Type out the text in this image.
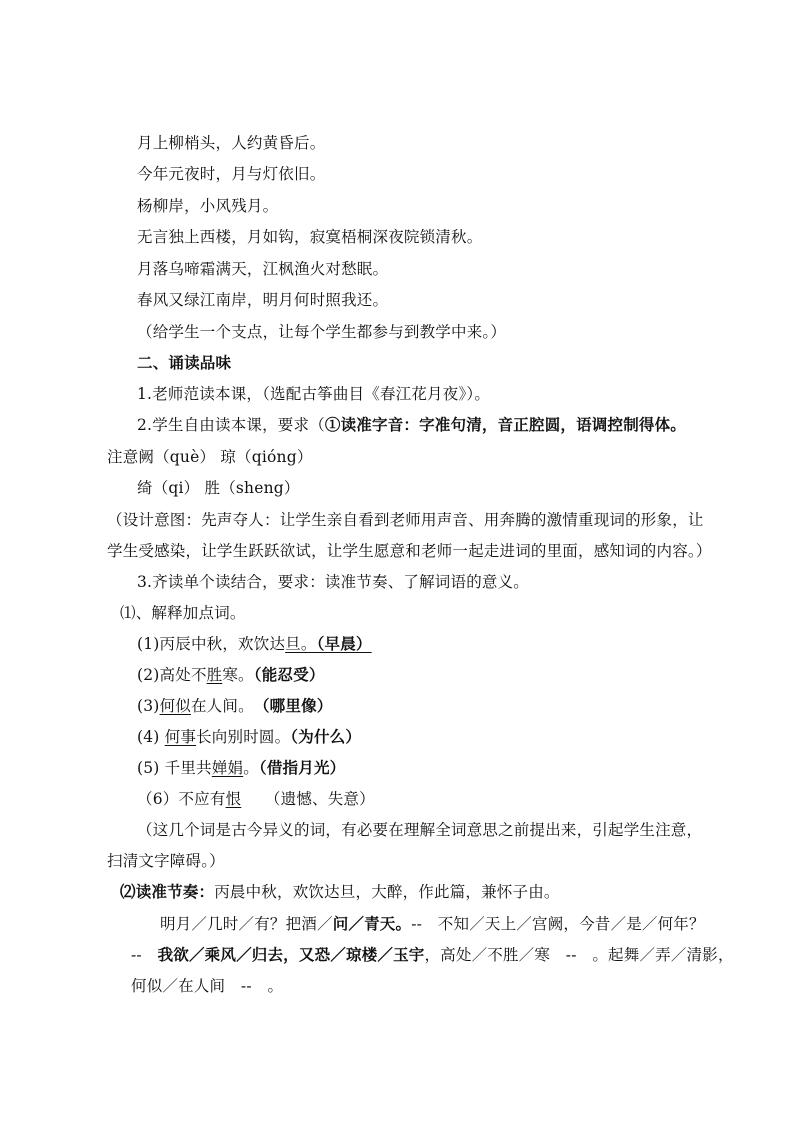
月上柳梢头，人约黄昏后。
今年元夜时，月与灯依旧。
杨柳岸，小风残月。
无言独上西楼，月如钩，寂寞梧桐深夜院锁清秋。
月落乌啼霜满天，江枫渔火对愁眠。
春风又绿江南岸，明月何时照我还。
（给学生一个支点，让每个学生都参与到教学中来。）
二、诵读品味
1.老师范读本课，（选配古筝曲目《春江花月夜》）。
2.学生自由读本课，要求（①读准字音：字准句清，音正腔圆，语调控制得体。
注意阙（què） 琼（qióng）
绮（qi） 胜（sheng）
（设计意图：先声夺人：让学生亲自看到老师用声音、用奔腾的激情重现词的形象，让
学生受感染，让学生跃跃欲试，让学生愿意和老师一起走进词的里面，感知词的内容。）
3.齐读单个读结合，要求：读准节奏、了解词语的意义。
⑴、解释加点词。
(1)丙辰中秋，欢饮达旦。（早晨）
(2)高处不胜寒。（能忍受）
(3)何似在人间。　（哪里像）
(4) 何事长向别时圆。（为什么）
(5) 千里共婵娟。（借指月光）
（6）不应有恨　　 （遗憾、失意）
（这几个词是古今异义的词，有必要在理解全词意思之前提出来，引起学生注意，
扫清文字障碍。）
⑵读准节奏：丙晨中秋，欢饮达旦，大醉，作此篇，兼怀子由。
明月／几时／有？把酒／问／青天。--　不知／天上／宫阙，今昔／是／何年？
--　我欲／乘风／归去，又恐／琼楼／玉宇，高处／不胜／寒　--　。起舞／弄／清影，
何似／在人间　--　。
